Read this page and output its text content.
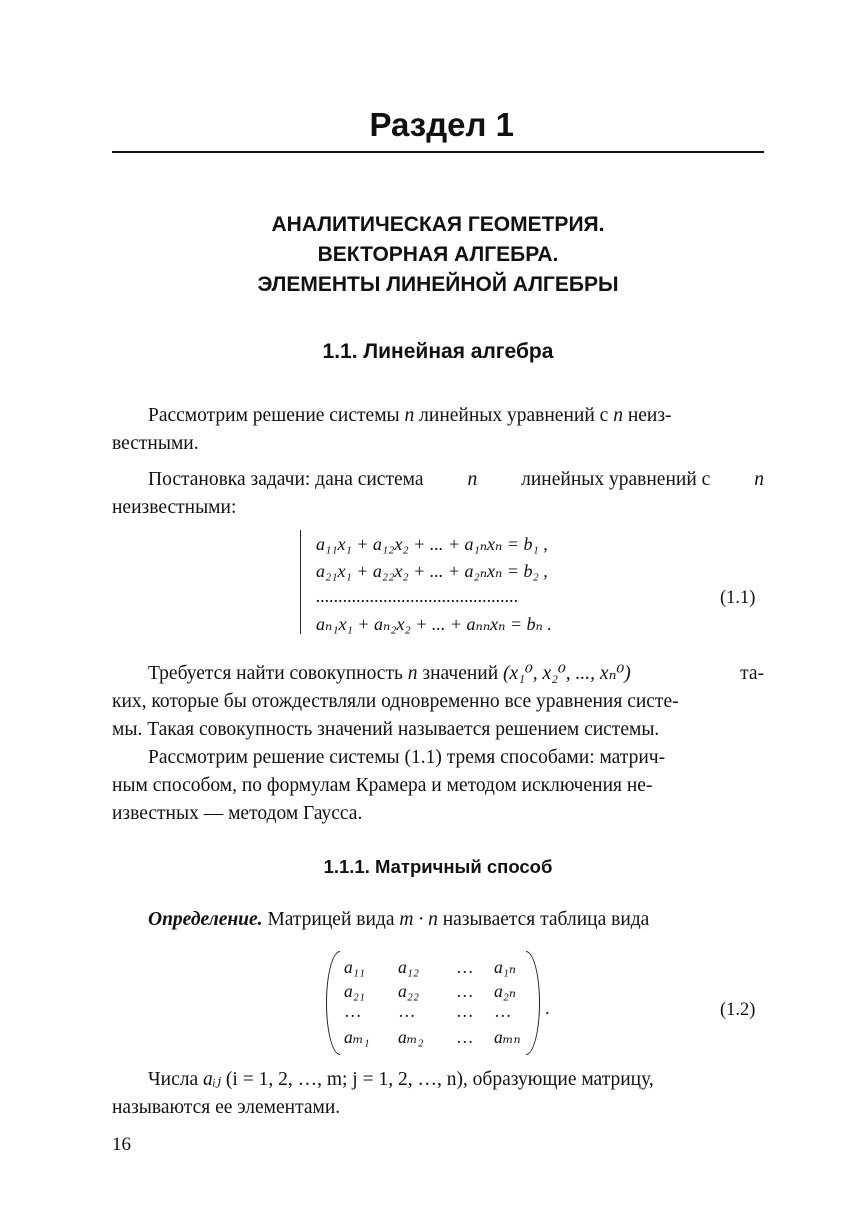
Раздел 1
АНАЛИТИЧЕСКАЯ ГЕОМЕТРИЯ.
ВЕКТОРНАЯ АЛГЕБРА.
ЭЛЕМЕНТЫ ЛИНЕЙНОЙ АЛГЕБРЫ
1.1. Линейная алгебра
Рассмотрим решение системы n линейных уравнений с n неиз-
вестными.
Постановка задачи: дана система n линейных уравнений с n
неизвестными:
a₁₁x₁ + a₁₂x₂ + ... + a₁ₙxₙ = b₁ ,
a₂₁x₁ + a₂₂x₂ + ... + a₂ₙxₙ = b₂ ,
.............................................
aₙ₁x₁ + aₙ₂x₂ + ... + aₙₙxₙ = bₙ .
(1.1)
Требуется найти совокупность n значений (x₁⁰, x₂⁰, ..., xₙ⁰)	та-
ких, которые бы отождествляли одновременно все уравнения систе-
мы. Такая совокупность значений называется решением системы.
Рассмотрим решение системы (1.1) тремя способами: матрич-
ным способом, по формулам Крамера и методом исключения не-
известных — методом Гаусса.
1.1.1. Матричный способ
Определение. Матрицей вида m · n называется таблица вида
a₁₁ a₁₂ … a₁ₙ
a₂₁ a₂₂ … a₂ₙ
… … … …
aₘ₁ aₘ₂ … aₘₙ
.	(1.2)
Числа aᵢⱼ (i = 1, 2, …, m; j = 1, 2, …, n), образующие матрицу,
называются ее элементами.
16
